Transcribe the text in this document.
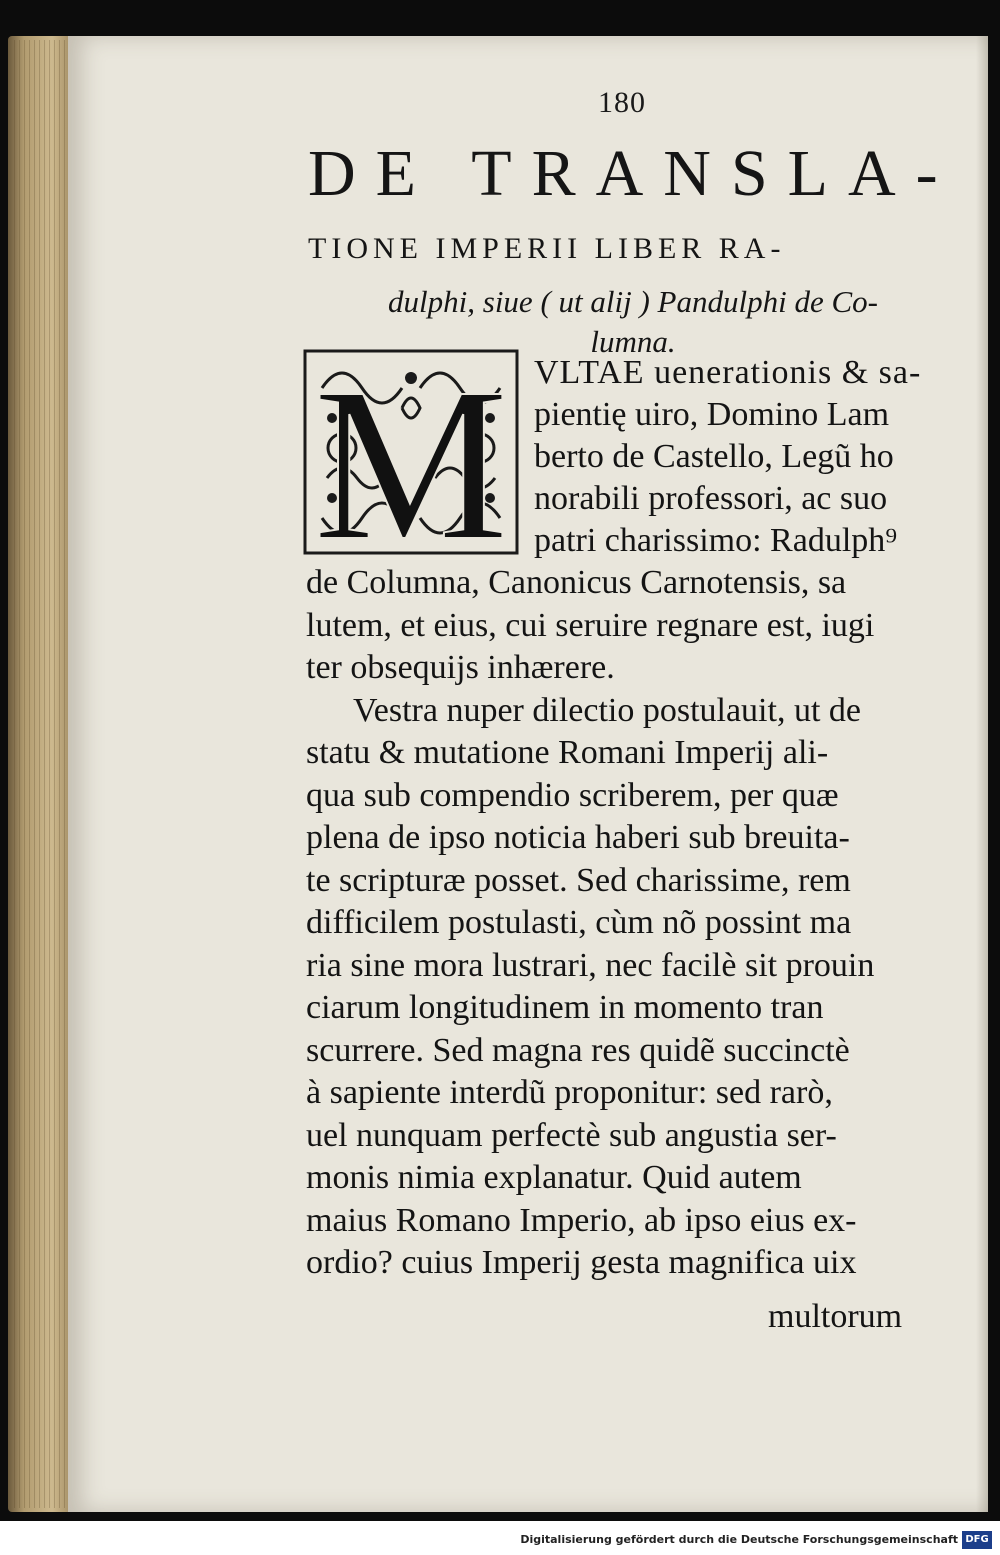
180
DE TRANSLA-
TIONE IMPERII LIBER RA-
dulphi, siue ( ut alij ) Pandulphi de Co-
lumna.
M VLTAE uenerationis & sa-
pientię uiro, Domino Lam
berto de Castello, Legũ ho
norabili professori, ac suo
patri charissimo: Radulph⁹
de Columna, Canonicus Carnotensis, sa
lutem, et eius, cui seruire regnare est, iugi
ter obsequijs inhærere.
Vestra nuper dilectio postulauit, ut de
statu & mutatione Romani Imperij ali-
qua sub compendio scriberem, per quæ
plena de ipso noticia haberi sub breuita-
te scripturæ posset. Sed charissime, rem
difficilem postulasti, cùm nõ possint ma
ria sine mora lustrari, nec facilè sit prouin
ciarum longitudinem in momento tran
scurrere. Sed magna res quidẽ succinctè
à sapiente interdũ proponitur: sed rarò,
uel nunquam perfectè sub angustia ser-
monis nimia explanatur. Quid autem
maius Romano Imperio, ab ipso eius ex-
ordio? cuius Imperij gesta magnifica uix
multorum
Digitalisierung gefördert durch die Deutsche Forschungsgemeinschaft DFG
